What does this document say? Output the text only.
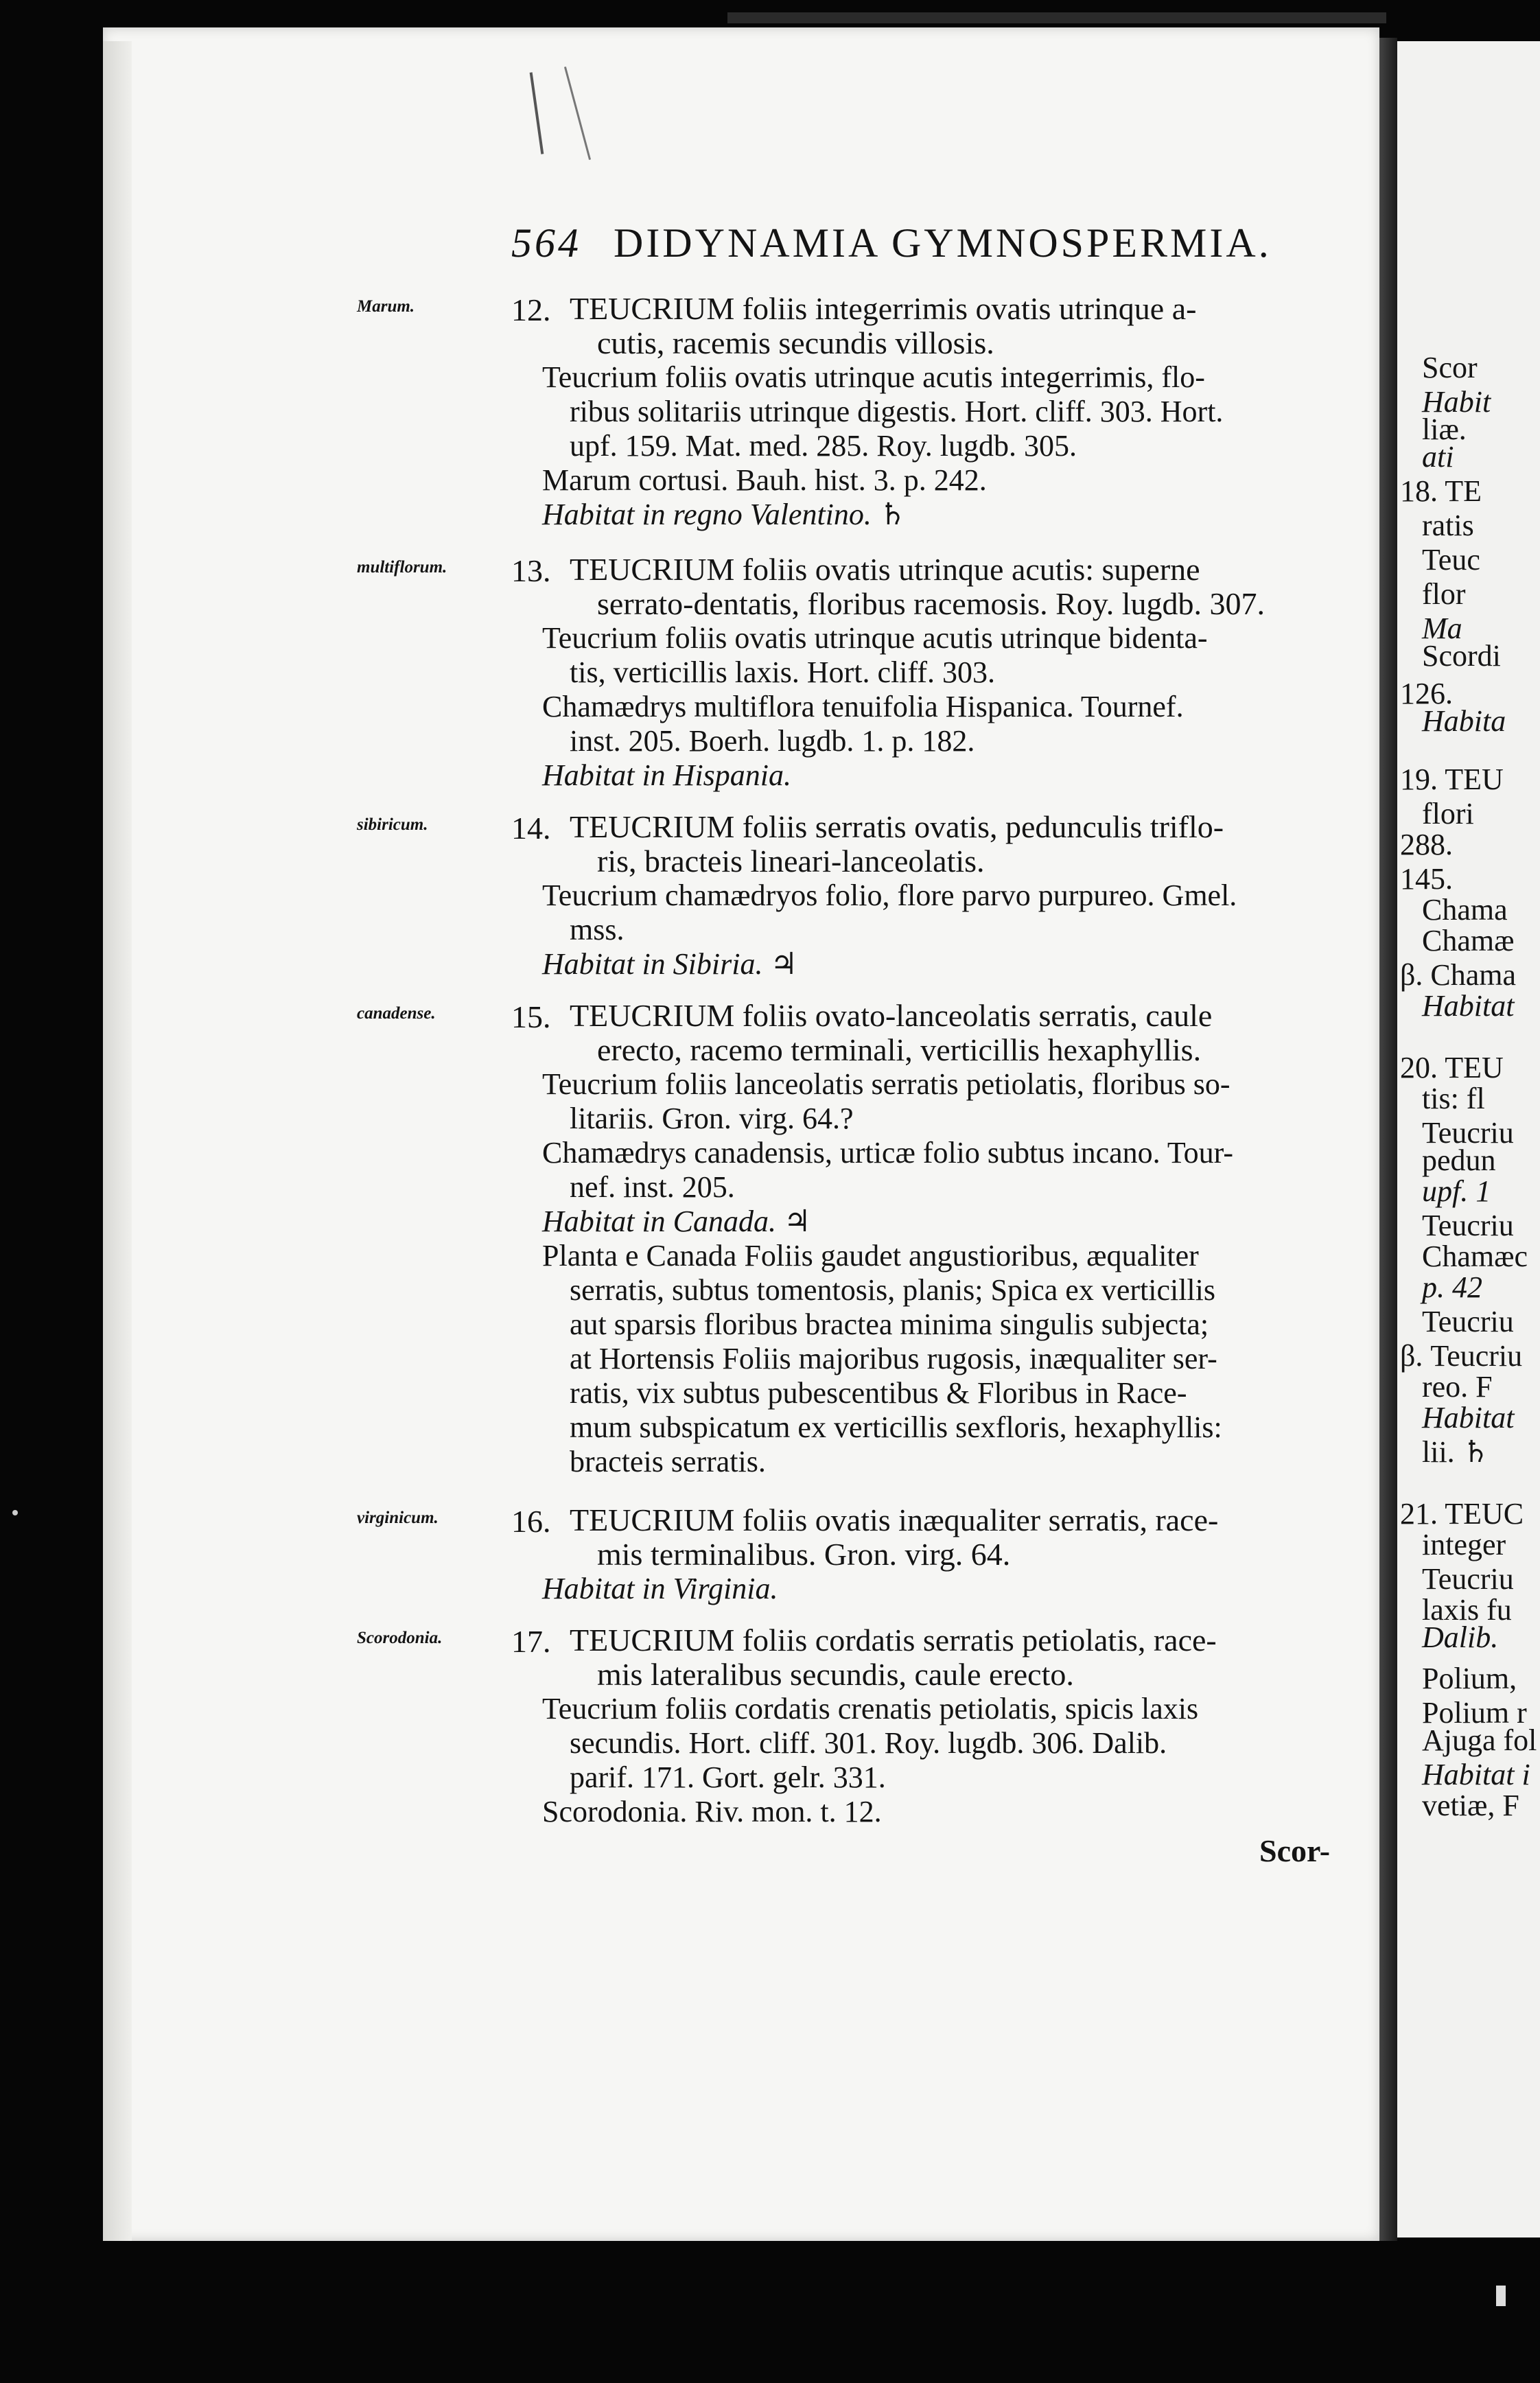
564 DIDYNAMIA GYMNOSPERMIA.
Marum.	12. TEUCRIUM foliis integerrimis ovatis utrinque a-
cutis, racemis secundis villosis.
Teucrium foliis ovatis utrinque acutis integerrimis, flo-
ribus solitariis utrinque digestis. Hort. cliff. 303. Hort.
upf. 159. Mat. med. 285. Roy. lugdb. 305.
Marum cortusi. Bauh. hist. 3. p. 242.
Habitat in regno Valentino. ♄
multiflorum.	13. TEUCRIUM foliis ovatis utrinque acutis: superne
serrato-dentatis, floribus racemosis. Roy. lugdb. 307.
Teucrium foliis ovatis utrinque acutis utrinque bidenta-
tis, verticillis laxis. Hort. cliff. 303.
Chamædrys multiflora tenuifolia Hispanica. Tournef.
inst. 205. Boerh. lugdb. 1. p. 182.
Habitat in Hispania.
sibiricum.	14. TEUCRIUM foliis serratis ovatis, pedunculis triflo-
ris, bracteis lineari-lanceolatis.
Teucrium chamædryos folio, flore parvo purpureo. Gmel.
mss.
Habitat in Sibiria. ♃
canadense.	15. TEUCRIUM foliis ovato-lanceolatis serratis, caule
erecto, racemo terminali, verticillis hexaphyllis.
Teucrium foliis lanceolatis serratis petiolatis, floribus so-
litariis. Gron. virg. 64.?
Chamædrys canadensis, urticæ folio subtus incano. Tour-
nef. inst. 205.
Habitat in Canada. ♃
Planta e Canada Foliis gaudet angustioribus, æqualiter
serratis, subtus tomentosis, planis; Spica ex verticillis
aut sparsis floribus bractea minima singulis subjecta;
at Hortensis Foliis majoribus rugosis, inæqualiter ser-
ratis, vix subtus pubescentibus & Floribus in Race-
mum subspicatum ex verticillis sexfloris, hexaphyllis:
bracteis serratis.
virginicum.	16. TEUCRIUM foliis ovatis inæqualiter serratis, race-
mis terminalibus. Gron. virg. 64.
Habitat in Virginia.
Scorodonia.	17. TEUCRIUM foliis cordatis serratis petiolatis, race-
mis lateralibus secundis, caule erecto.
Teucrium foliis cordatis crenatis petiolatis, spicis laxis
secundis. Hort. cliff. 301. Roy. lugdb. 306. Dalib.
parif. 171. Gort. gelr. 331.
Scorodonia. Riv. mon. t. 12.
Scor-
Scor
Habit
liæ.
ati
18. TE
ratis
Teuc
flor
Ma
Scordi
126.
Habita
19. TEU
flori
288.
145.
Chama
Chamæ
β. Chama
Habitat
20. TEU
tis: fl
Teucriu
pedun
upf. 1
Teucriu
Chamæc
p. 42
Teucriu
β. Teucriu
reo. F
Habitat
lii. ♄
21. TEUC
integer
Teucriu
laxis fu
Dalib.
Polium,
Polium r
Ajuga fol
Habitat i
vetiæ, F
